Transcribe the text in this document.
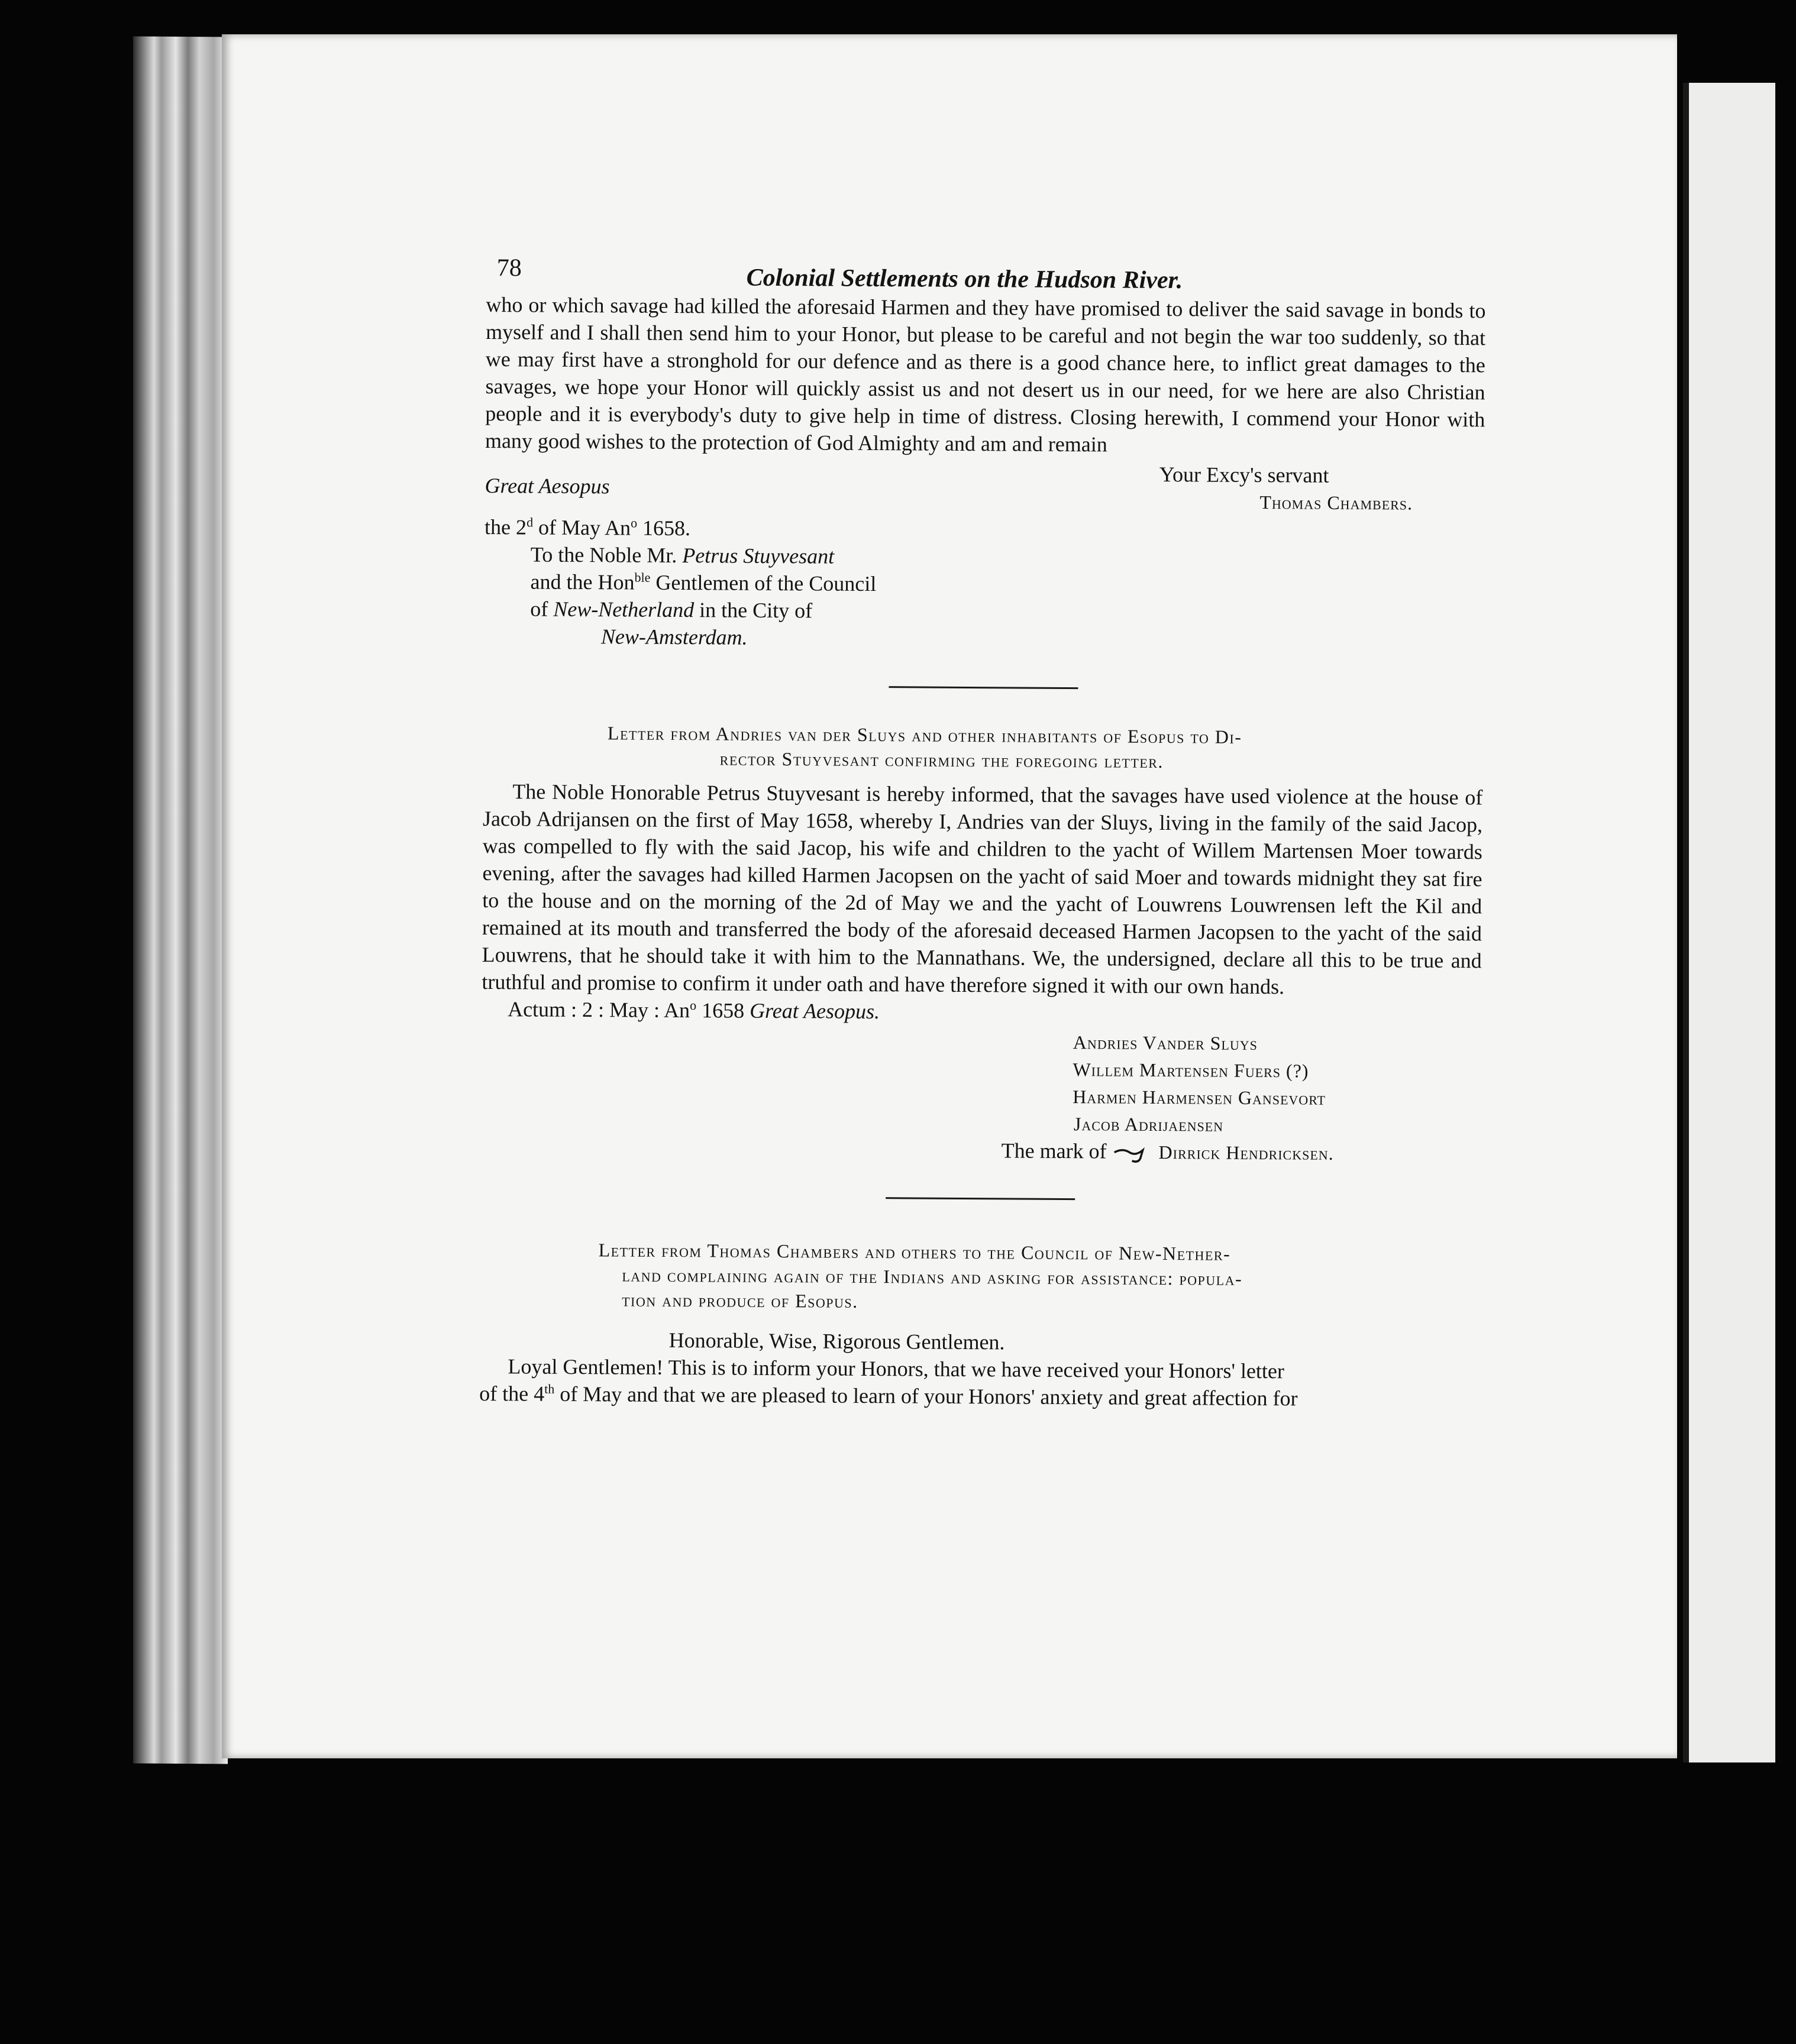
78	Colonial Settlements on the Hudson River.

who or which savage had killed the aforesaid Harmen and they have promised to deliver the said savage in bonds to myself and I shall then send him to your Honor, but please to be careful and not begin the war too suddenly, so that we may first have a stronghold for our defence and as there is a good chance here, to inflict great damages to the savages, we hope your Honor will quickly assist us and not desert us in our need, for we here are also Christian people and it is everybody's duty to give help in time of distress. Closing herewith, I commend your Honor with many good wishes to the protection of God Almighty and am and remain

Your Excy's servant
Thomas Chambers.
Great Aesopus
the 2$^d$ of May An$^o$ 1658.
To the Noble Mr. Petrus Stuyvesant
and the Hon$^{ble}$ Gentlemen of the Council
of New-Netherland in the City of
New-Amsterdam.
Letter from Andries van der Sluys and other inhabitants of Esopus to Di-
rector Stuyvesant confirming the foregoing letter.

The Noble Honorable Petrus Stuyvesant is hereby informed, that the savages have used violence at the house of Jacob Adrijansen on the first of May 1658, whereby I, Andries van der Sluys, living in the family of the said Jacop, was compelled to fly with the said Jacop, his wife and children to the yacht of Willem Martensen Moer towards evening, after the savages had killed Harmen Jacopsen on the yacht of said Moer and towards midnight they sat fire to the house and on the morning of the 2d of May we and the yacht of Louwrens Louwrensen left the Kil and remained at its mouth and transferred the body of the aforesaid deceased Harmen Jacopsen to the yacht of the said Louwrens, that he should take it with him to the Mannathans. We, the undersigned, declare all this to be true and truthful and promise to confirm it under oath and have therefore signed it with our own hands.

Actum : 2 : May : An$^o$ 1658 Great Aesopus.
Andries Vander Sluys
Willem Martensen Fuers (?)
Harmen Harmensen Gansevort
Jacob Adrijaensen
The mark of	Dirrick Hendricksen.
Letter from Thomas Chambers and others to the Council of New-Nether-
land complaining again of the Indians and asking for assistance: popula-
tion and produce of Esopus.
Honorable, Wise, Rigorous Gentlemen.
Loyal Gentlemen! This is to inform your Honors, that we have received your Honors' letter
of the 4th of May and that we are pleased to learn of your Honors' anxiety and great affection for
